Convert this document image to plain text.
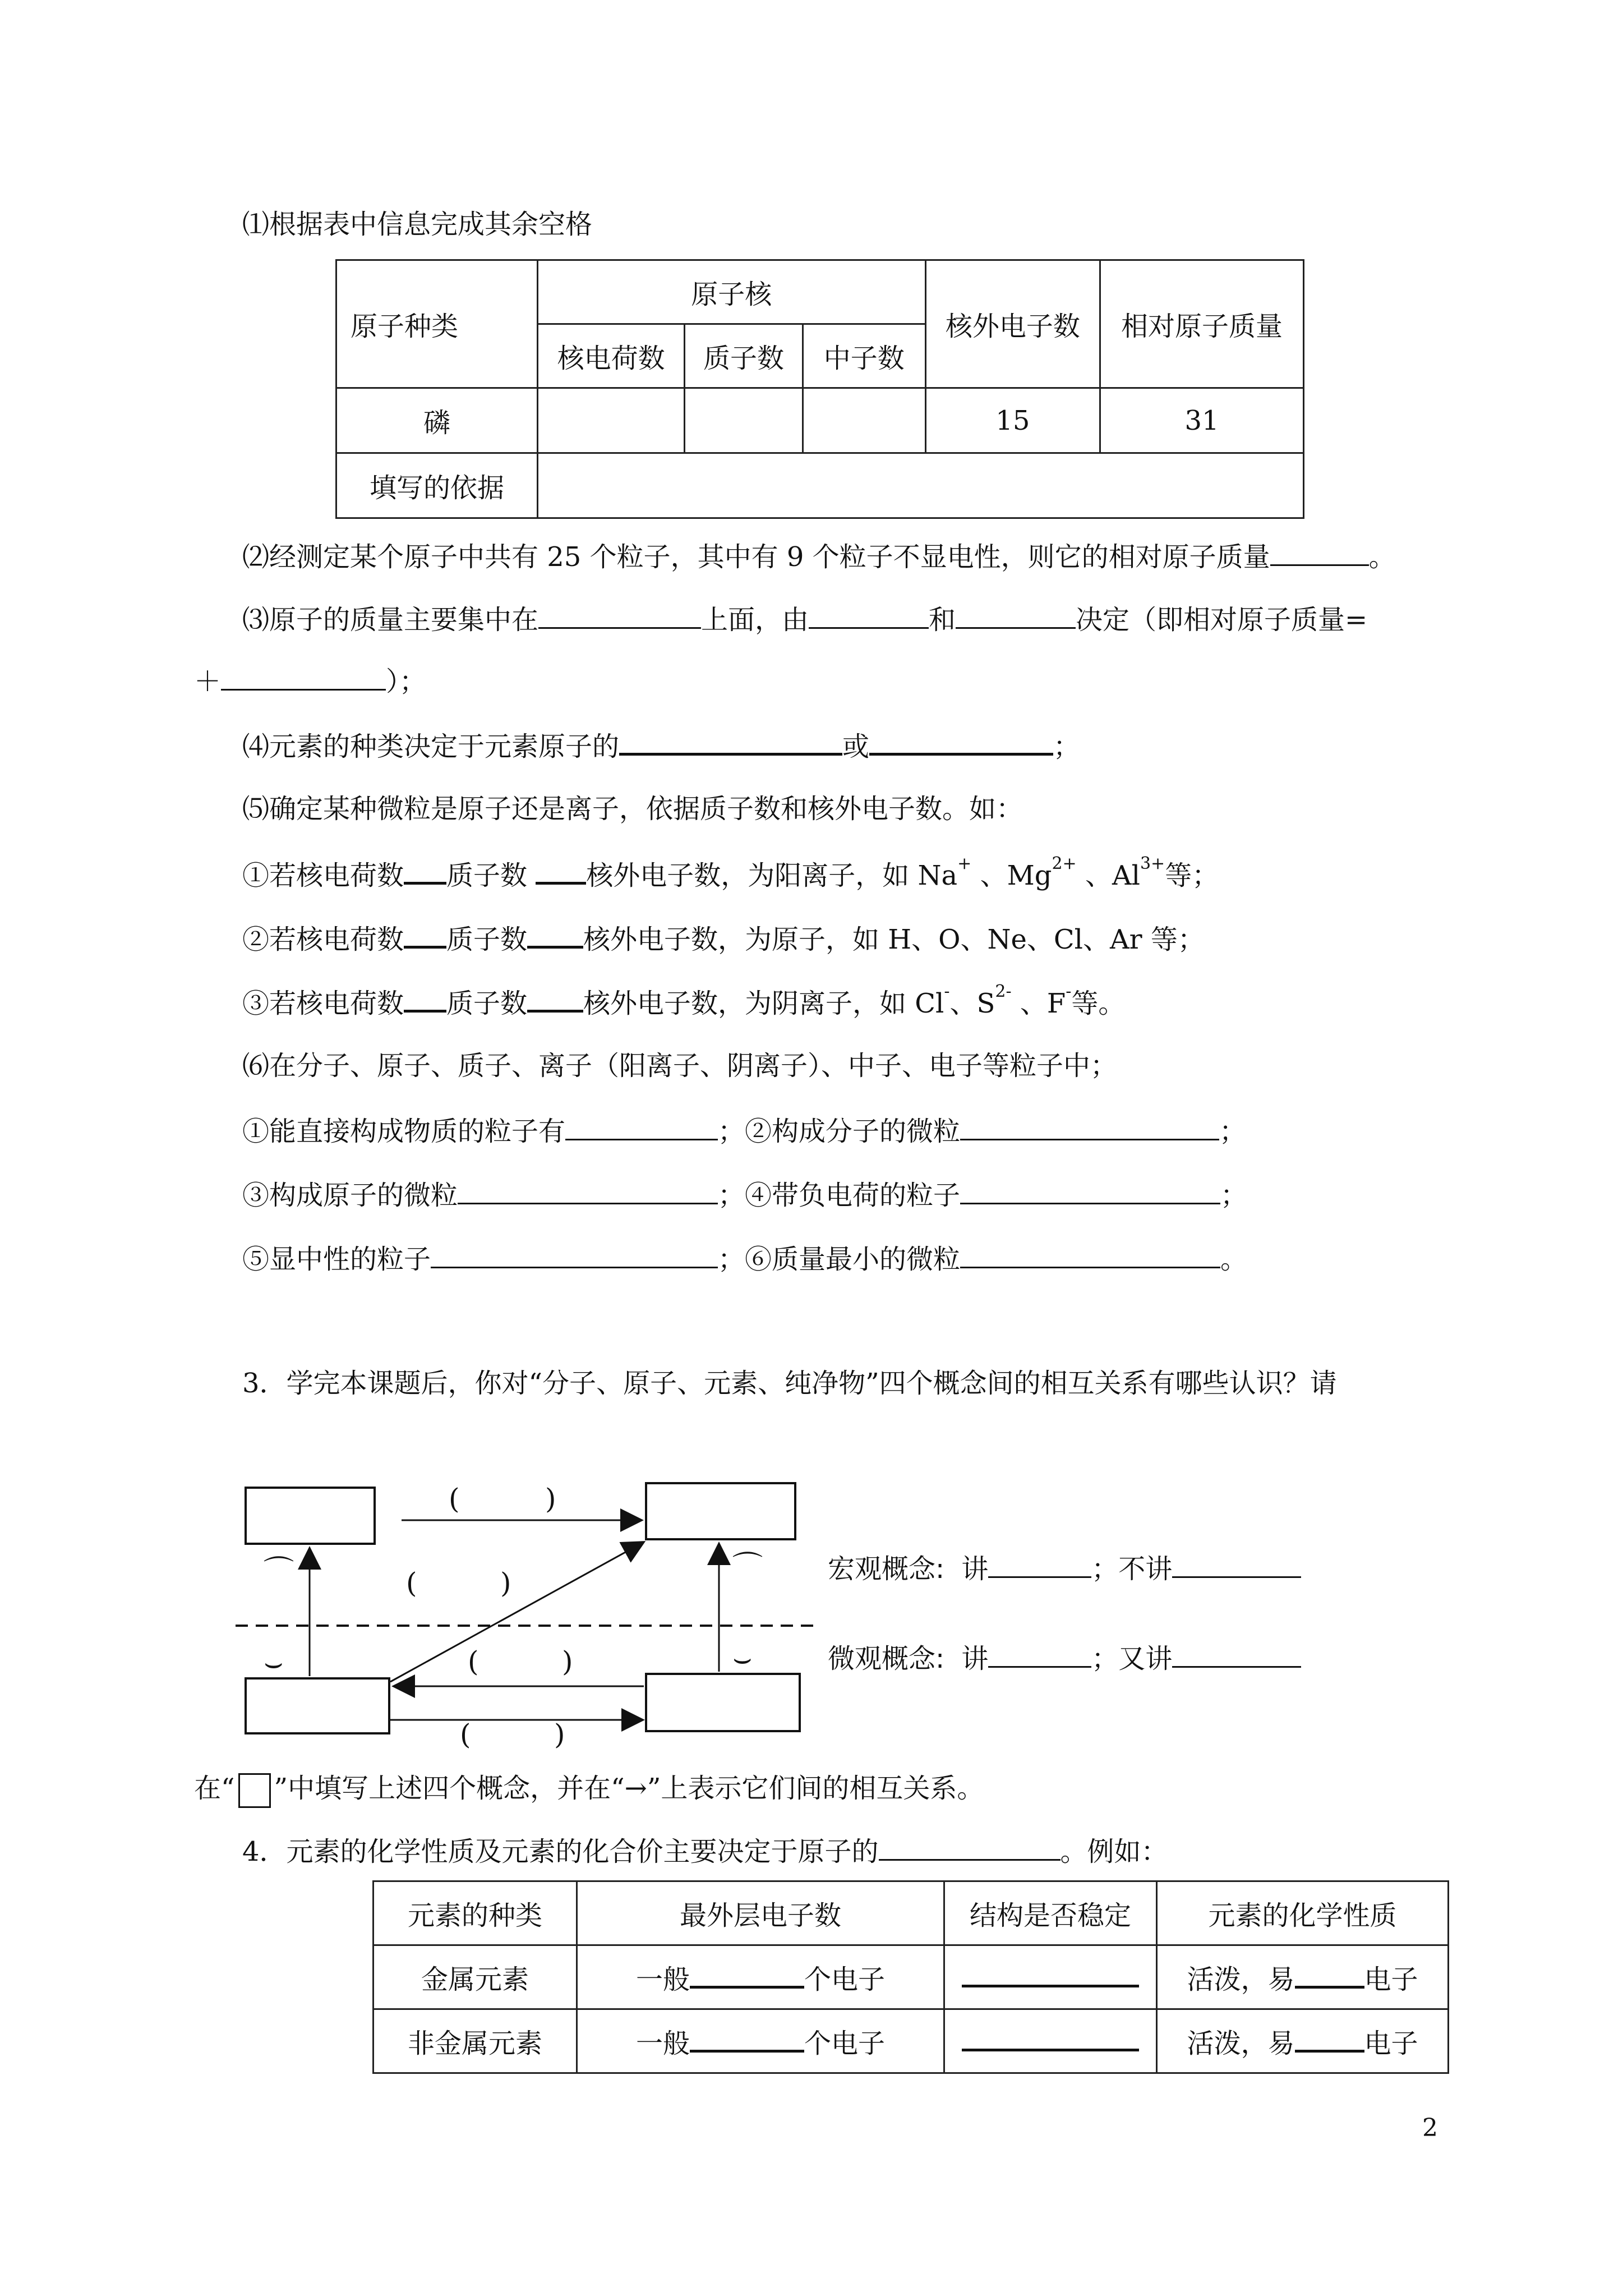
⑴根据表中信息完成其余空格
原子种类	原子核			核外电子数	相对原子质量
	核电荷数	质子数	中子数		
磷				15	31
填写的依据					
⑵经测定某个原子中共有 25 个粒子，其中有 9 个粒子不显电性，则它的相对原子质量	。
⑶原子的质量主要集中在	上面，由	和	决定（即相对原子质量=
＋	）；
⑷元素的种类决定于元素原子的	或	；
⑸确定某种微粒是原子还是离子，依据质子数和核外电子数。如：
①若核电荷数 质子数 核外电子数，为阳离子，如 Na+ 、$Mg^{2+}$ 、$Al^{3+}$等；
②若核电荷数 质子数 核外电子数，为原子，如 H、O、Ne、Cl、Ar 等；
③若核电荷数 质子数 核外电子数，为阴离子，如 Cl-、$S^{2-}$ 、F-等。
⑹在分子、原子、质子、离子（阳离子、阴离子）、中子、电子等粒子中；
①能直接构成物质的粒子有	；②构成分子的微粒	；
③构成原子的微粒	；④带负电荷的粒子	；
⑤显中性的粒子	；⑥质量最小的微粒	。
3．学完本课题后，你对“分子、原子、元素、纯净物”四个概念间的相互关系有哪些认识？请
(	)
(	)
(	)
(	)
⌒
⌣
⌒
⌣
宏观概念: 讲	；不讲
微观概念: 讲	；又讲
在“ ”中填写上述四个概念，并在“→”上表示它们间的相互关系。
4．元素的化学性质及元素的化合价主要决定于原子的	。例如：
元素的种类	最外层电子数	结构是否稳定	元素的化学性质
金属元素	一般 个电子		活泼，易 电子
非金属元素	一般 个电子		活泼，易 电子
2
